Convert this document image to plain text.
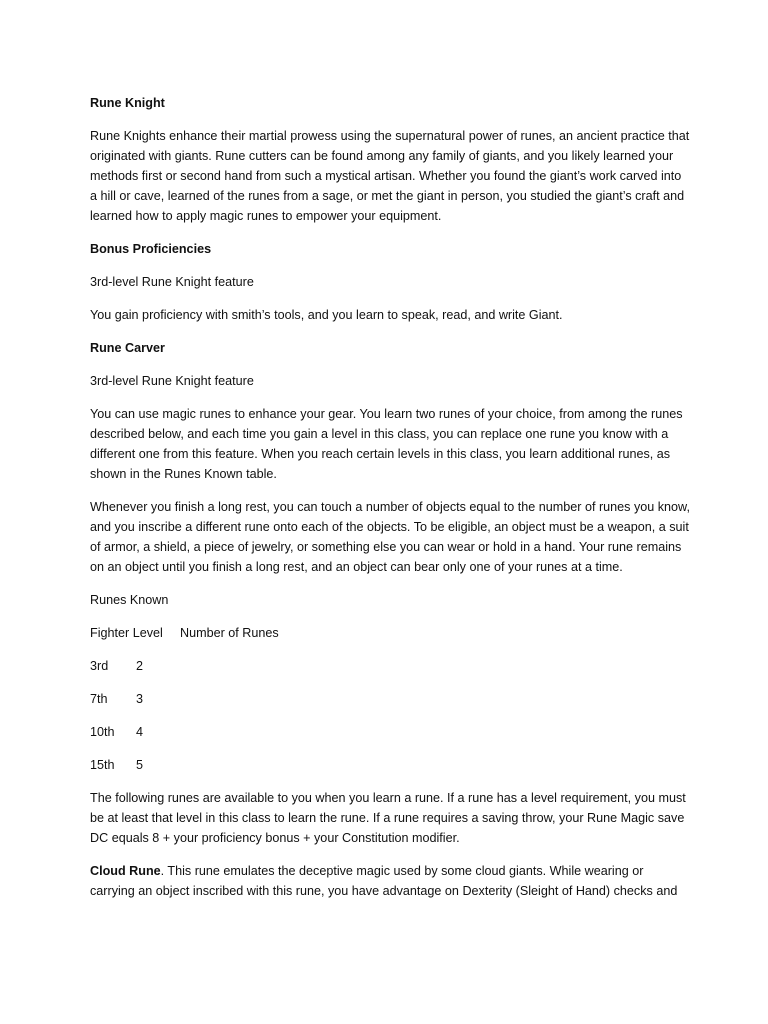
Rune Knight

Rune Knights enhance their martial prowess using the supernatural power of runes, an ancient practice that originated with giants. Rune cutters can be found among any family of giants, and you likely learned your methods first or second hand from such a mystical artisan. Whether you found the giant’s work carved into a hill or cave, learned of the runes from a sage, or met the giant in person, you studied the giant’s craft and learned how to apply magic runes to empower your equipment.

Bonus Proficiencies

3rd-level Rune Knight feature

You gain proficiency with smith’s tools, and you learn to speak, read, and write Giant.

Rune Carver

3rd-level Rune Knight feature

You can use magic runes to enhance your gear. You learn two runes of your choice, from among the runes described below, and each time you gain a level in this class, you can replace one rune you know with a different one from this feature. When you reach certain levels in this class, you learn additional runes, as shown in the Runes Known table.

Whenever you finish a long rest, you can touch a number of objects equal to the number of runes you know, and you inscribe a different rune onto each of the objects. To be eligible, an object must be a weapon, a suit of armor, a shield, a piece of jewelry, or something else you can wear or hold in a hand. Your rune remains on an object until you finish a long rest, and an object can bear only one of your runes at a time.

Runes Known

Fighter Level	Number of Runes
3rd	2
7th	3
10th	4
15th	5

The following runes are available to you when you learn a rune. If a rune has a level requirement, you must be at least that level in this class to learn the rune. If a rune requires a saving throw, your Rune Magic save DC equals 8 + your proficiency bonus + your Constitution modifier.

Cloud Rune. This rune emulates the deceptive magic used by some cloud giants. While wearing or carrying an object inscribed with this rune, you have advantage on Dexterity (Sleight of Hand) checks and
